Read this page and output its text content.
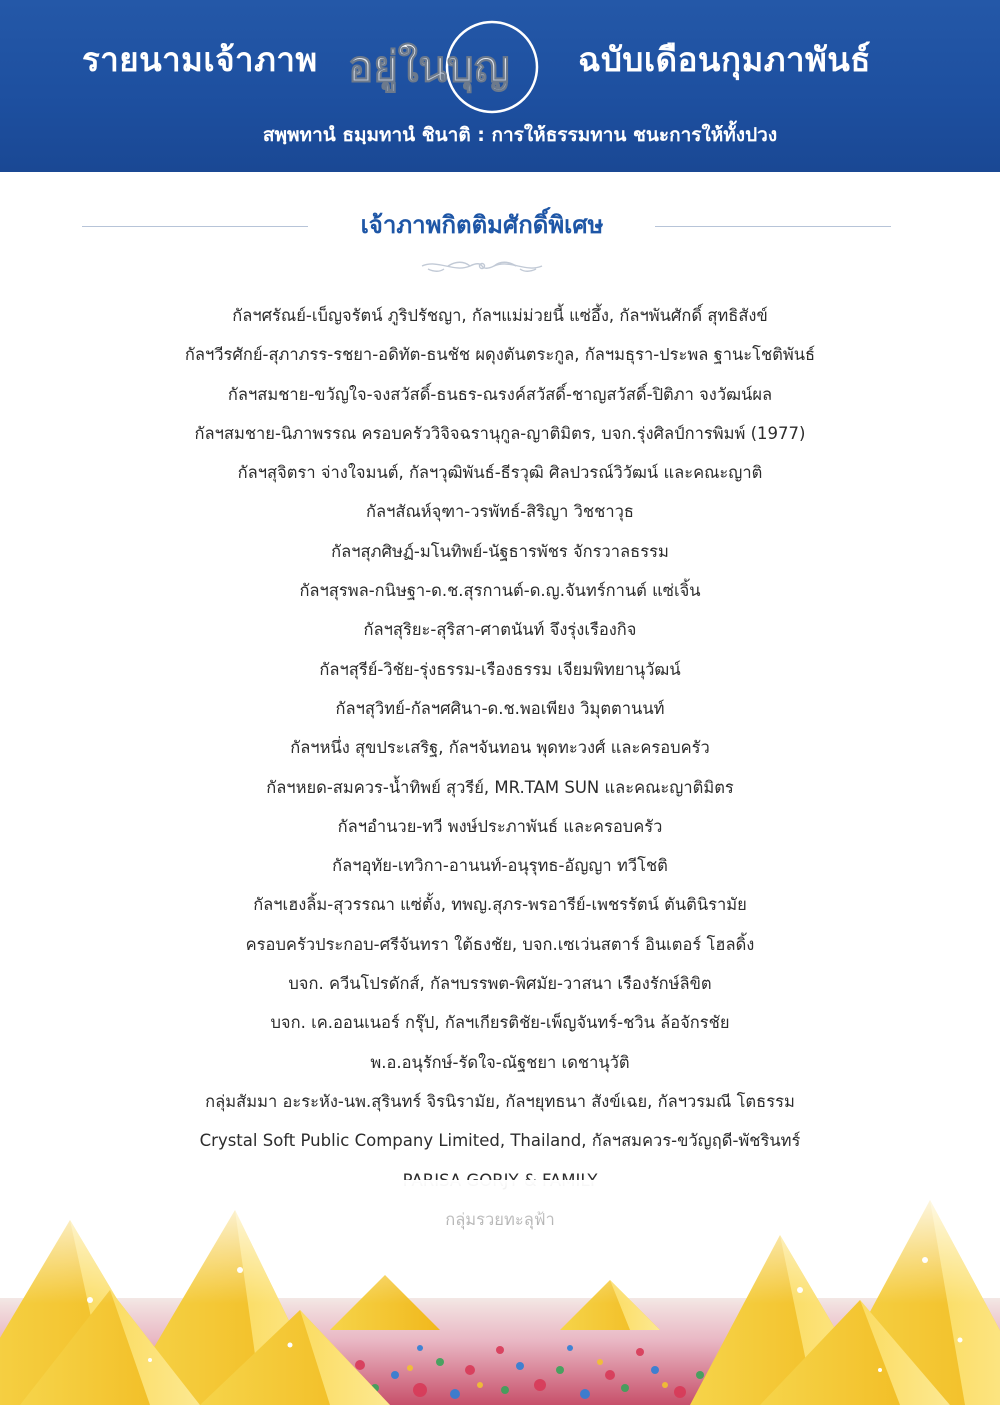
รายนามเจ้าภาพ อยู่ในบุญ ฉบับเดือนกุมภาพันธ์
สพฺพทานํ ธมฺมทานํ ชินาติ : การให้ธรรมทาน ชนะการให้ทั้งปวง
เจ้าภาพกิตติมศักดิ์พิเศษ
กัลฯศรัณย์-เบ็ญจรัตน์ ภูริปรัชญา, กัลฯแม่ม่วยนี้ แซ่อึ้ง, กัลฯพันศักดิ์ สุทธิสังข์
กัลฯวีรศักย์-สุภาภรร-รชยา-อดิทัต-ธนชัช ผดุงตันตระกูล, กัลฯมธุรา-ประพล ฐานะโชติพันธ์
กัลฯสมชาย-ขวัญใจ-จงสวัสดิ์-ธนธร-ณรงค์สวัสดิ์-ชาญสวัสดิ์-ปิติภา จงวัฒน์ผล
กัลฯสมชาย-นิภาพรรณ ครอบครัววิจิจฉรานุกูล-ญาติมิตร, บจก.รุ่งศิลป์การพิมพ์ (1977)
กัลฯสุจิตรา จ่างใจมนต์, กัลฯวุฒิพันธ์-ธีรวุฒิ ศิลปวรณ์วิวัฒน์ และคณะญาติ
กัลฯสัณห์จุฑา-วรพัทธ์-สิริญา วิชชาวุธ
กัลฯสุภศิษฏ์-มโนทิพย์-นัฐธารพัชร จักรวาลธรรม
กัลฯสุรพล-กนิษฐา-ด.ช.สุรกานต์-ด.ญ.จันทร์กานต์ แซ่เจิ้น
กัลฯสุริยะ-สุริสา-ศาตนันท์ จึงรุ่งเรืองกิจ
กัลฯสุรีย์-วิชัย-รุ่งธรรม-เรืองธรรม เจียมพิทยานุวัฒน์
กัลฯสุวิทย์-กัลฯศศินา-ด.ช.พอเพียง วิมุตตานนท์
กัลฯหนึ่ง สุขประเสริฐ, กัลฯจันทอน พุดทะวงศ์ และครอบครัว
กัลฯหยด-สมควร-น้ำทิพย์ สุวรีย์, MR.TAM SUN และคณะญาติมิตร
กัลฯอำนวย-ทวี พงษ์ประภาพันธ์ และครอบครัว
กัลฯอุทัย-เทวิกา-อานนท์-อนุรุทธ-อัญญา ทวีโชติ
กัลฯเฮงลิ้ม-สุวรรณา แซ่ตั้ง, ทพญ.สุภร-พรอารีย์-เพชรรัตน์ ตันตินิรามัย
ครอบครัวประกอบ-ศรีจันทรา ใต้ธงชัย, บจก.เซเว่นสตาร์ อินเตอร์ โฮลดิ้ง
บจก. ควีนโปรดักส์, กัลฯบรรพต-พิศมัย-วาสนา เรืองรักษ์ลิขิต
บจก. เค.ออนเนอร์ กรุ๊ป, กัลฯเกียรติชัย-เพ็ญจันทร์-ชวิน ล้อจักรชัย
พ.อ.อนุรักษ์-รัดใจ-ณัฐชยา เดชานุวัติ
กลุ่มสัมมา อะระหัง-นพ.สุรินทร์ จิรนิรามัย, กัลฯยุทธนา สังข์เฉย, กัลฯวรมณี โตธรรม
Crystal Soft Public Company Limited, Thailand, กัลฯสมควร-ขวัญฤดี-พัชรินทร์
